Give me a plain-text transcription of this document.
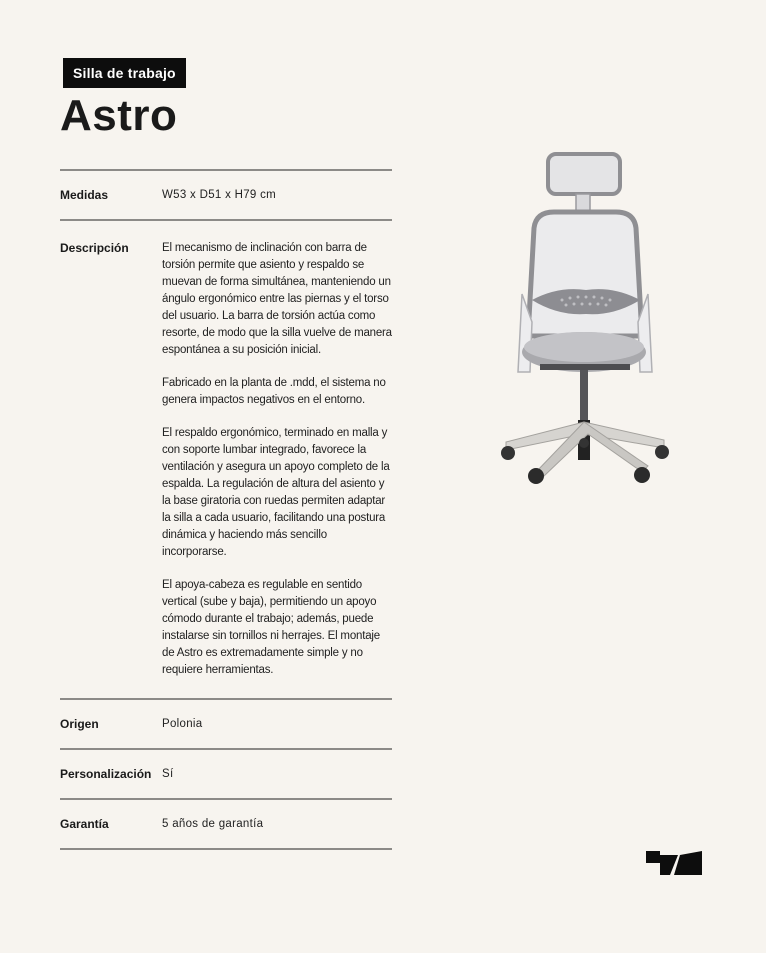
Silla de trabajo
Astro
Medidas	W53 x D51 x H79 cm
Descripción	El mecanismo de inclinación con barra de torsión permite que asiento y respaldo se muevan de forma simultánea, manteniendo un ángulo ergonómico entre las piernas y el torso del usuario. La barra de torsión actúa como resorte, de modo que la silla vuelve de manera espontánea a su posición inicial.

Fabricado en la planta de .mdd, el sistema no genera impactos negativos en el entorno.

El respaldo ergonómico, terminado en malla y con soporte lumbar integrado, favorece la ventilación y asegura un apoyo completo de la espalda. La regulación de altura del asiento y la base giratoria con ruedas permiten adaptar la silla a cada usuario, facilitando una postura dinámica y haciendo más sencillo incorporarse.

El apoya-cabeza es regulable en sentido vertical (sube y baja), permitiendo un apoyo cómodo durante el trabajo; además, puede instalarse sin tornillos ni herrajes. El montaje de Astro es extremadamente simple y no requiere herramientas.

Origen	Polonia
Personalización Sí
Garantía	5 años de garantía
